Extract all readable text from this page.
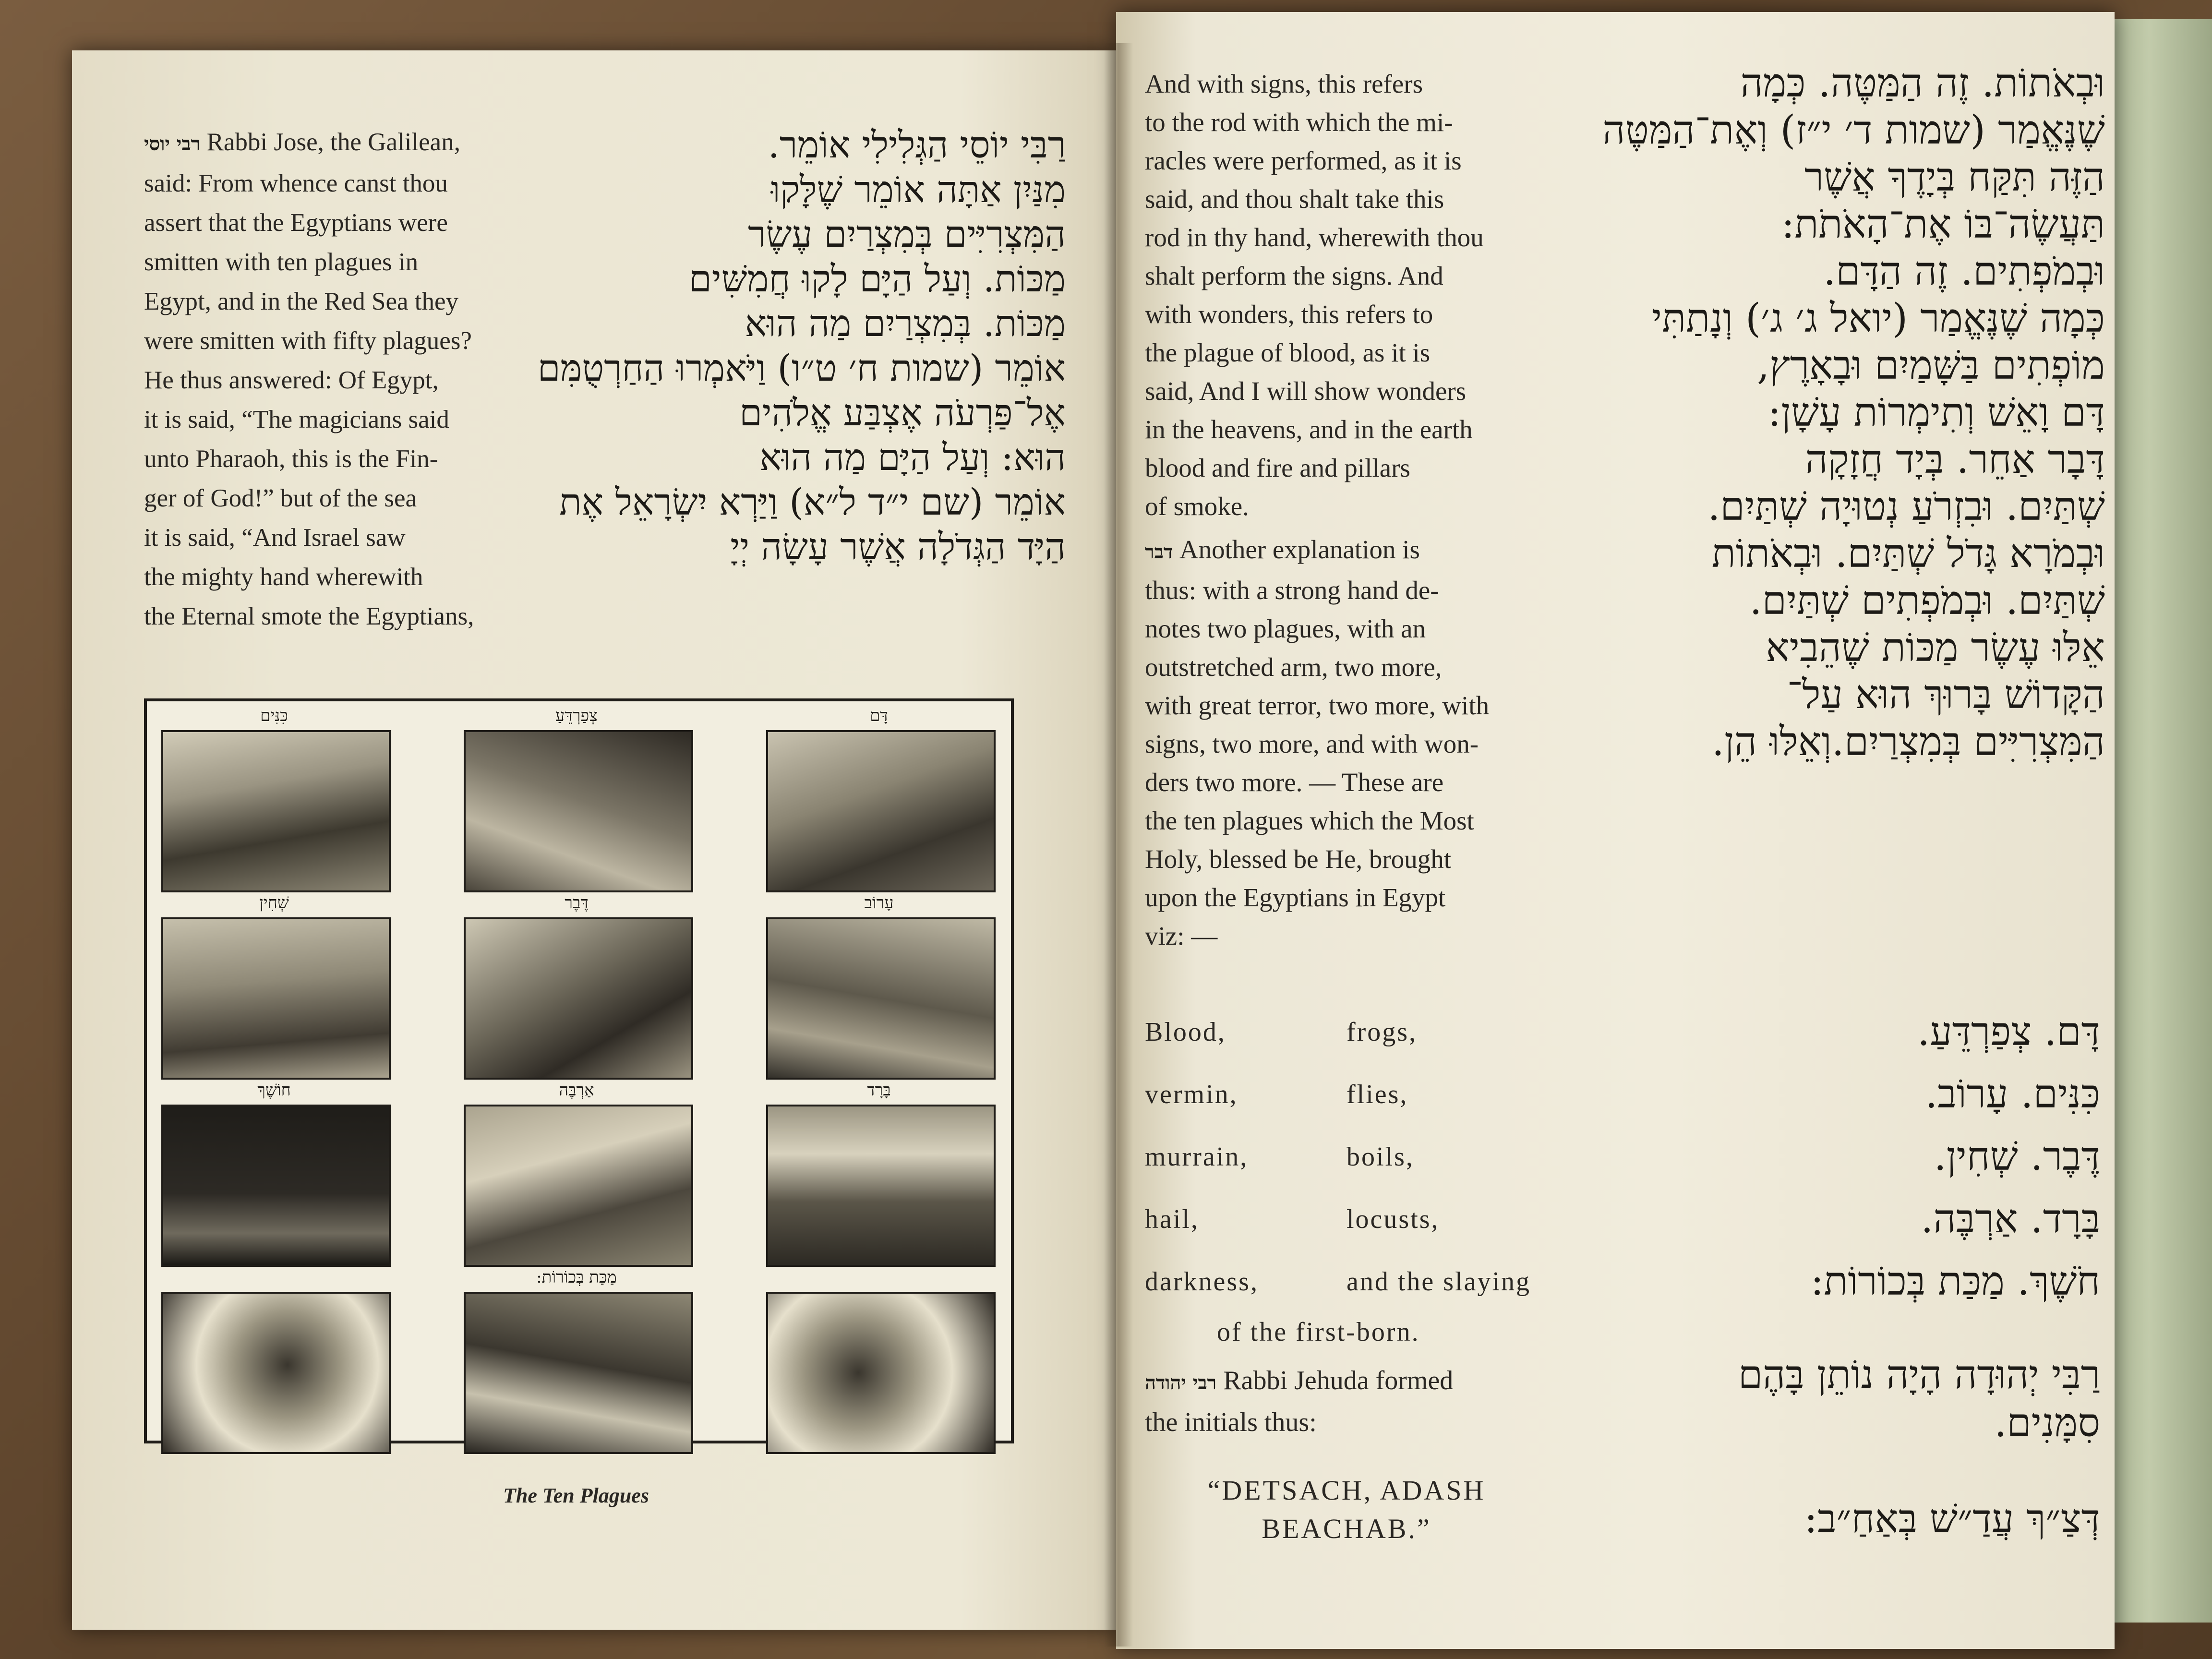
רַבִּי יוֹסֵי הַגְּלִילִי אוֹמֵר.

מִנַּיִן אַתָּה אוֹמֵר שֶׁלָּקוּ

הַמִּצְרִיִּים בְּמִצְרַיִם עֶשֶׂר

מַכּוֹת. וְעַל הַיָּם לָקוּ חֲמִשִּׁים

מַכּוֹת. בְּמִצְרַיִם מַה הוּא

אוֹמֵר (שמות ח׳ ט״ו) וַיֹּאמְרוּ הַחַרְטֻמִּם

אֶל־פַּרְעֹה אֶצְבַּע אֱלֹהִים

הוּא: וְעַל הַיָּם מַה הוּא

אוֹמֵר (שם י״ד ל״א) וַיַּרְא יִשְׂרָאֵל אֶת

הַיָּד הַגְּדֹלָה אֲשֶׁר עָשָׂה יְיָ

רבי יוסי Rabbi Jose, the Galilean,

said: From whence canst thou

assert that the Egyptians were

smitten with ten plagues in

Egypt, and in the Red Sea they

were smitten with fifty plagues?

He thus answered: Of Egypt,

it is said, “The magicians said

unto Pharaoh, this is the Fin-

ger of God!” but of the sea

it is said, “And Israel saw

the mighty hand wherewith

the Eternal smote the Egyptians,

דָּם
צְפַרְדֵּעַ
כִּנִּים
עָרוֹב
דֶּבֶר
שְׁחִין
בָּרָד
אַרְבֶּה
חוֹשֶׁךְ
מַכַּת בְּכוֹרוֹת:
The Ten Plagues

וּבְאֹתוֹת. זֶה הַמַּטֶּה. כְּמָה

שֶׁנֶּאֱמַר (שמות ד׳ י״ז) וְאֶת־הַמַּטֶּה

הַזֶּה תִּקַּח בְּיָדֶךָ אֲשֶׁר

תַּעֲשֶׂה־בּוֹ אֶת־הָאֹתֹת:

וּבְמֹפְתִים. זֶה הַדָּם.

כְּמָה שֶׁנֶּאֱמַר (יואל ג׳ ג׳) וְנָתַתִּי

מוֹפְתִים בַּשָּׁמַיִם וּבָאָרֶץ,

דָּם וָאֵשׁ וְתִימְרוֹת עָשָׁן:

דָּבָר אַחֵר. בְּיָד חֲזָקָה

שְׁתַּיִם. וּבִזְרֹעַ נְטוּיָה שְׁתַּיִם.

וּבְמֹרָא גָּדֹל שְׁתַּיִם. וּבְאֹתוֹת

שְׁתַּיִם. וּבְמֹפְתִים שְׁתַּיִם.

אֵלּוּ עֶשֶׂר מַכּוֹת שֶׁהֵבִיא

הַקָּדוֹשׁ בָּרוּךְ הוּא עַל־

הַמִּצְרִיִּים בְּמִצְרַיִם.וְאֵלּוּ הֵן.

And with signs, this refers

to the rod with which the mi-

racles were performed, as it is

said, and thou shalt take this

rod in thy hand, wherewith thou

shalt perform the signs. And

with wonders, this refers to

the plague of blood, as it is

said, And I will show wonders

in the heavens, and in the earth

blood and fire and pillars

of smoke.

דבר Another explanation is

thus: with a strong hand de-

notes two plagues, with an

outstretched arm, two more,

with great terror, two more, with

signs, two more, and with won-

ders two more. — These are

the ten plagues which the Most

Holy, blessed be He, brought

upon the Egyptians in Egypt

viz: —

Blood,	frogs,
vermin,	flies,
murrain,	boils,
hail,	locusts,
darkness,	and the slaying
of the first-born.

דָּם. צְפַרְדֵּעַ.

כִּנִּים. עָרוֹב.

דֶּבֶר. שְׁחִין.

בָּרָד. אַרְבֶּה.

חֹשֶׁךְ. מַכַּת בְּכוֹרוֹת:

רבי יהודה Rabbi Jehuda formed

the initials thus:

רַבִּי יְהוּדָה הָיָה נוֹתֵן בָּהֶם

סִמָּנִים.

“DETSACH, ADASH
BEACHAB.”	דְּצַ״ךְ עֲדַ״שׁ בְּאַחַ״ב:
